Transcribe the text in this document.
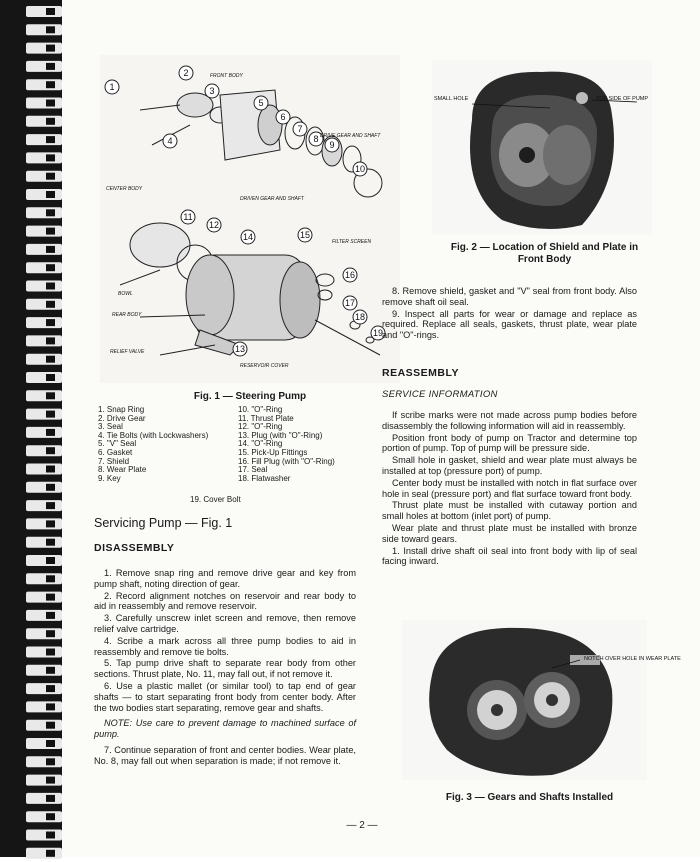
1
2
3
4
5
6
7
8
9
10
11
12
13
14	15
16
17
18
19
FRONT BODY
DRIVE GEAR AND SHAFT
CENTER BODY
DRIVEN GEAR AND SHAFT
FILTER SCREEN
BOWL
REAR BODY
RELIEF VALVE
RESERVOIR COVER
Fig. 1 — Steering Pump
1. Snap Ring
2. Drive Gear
3. Seal
4. Tie Bolts (with Lockwashers)
5. "V" Seal
6. Gasket
7. Shield
8. Wear Plate
9. Key
10. "O"-Ring
11. Thrust Plate
12. "O"-Ring
13. Plug (with "O"-Ring)
14. "O"-Ring
15. Pick-Up Fittings
16. Fill Plug (with "O"-Ring)
17. Seal
18. Flatwasher
19. Cover Bolt
Servicing Pump — Fig. 1
DISASSEMBLY

1. Remove snap ring and remove drive gear and key from pump shaft, noting direction of gear.

2. Record alignment notches on reservoir and rear body to aid in reassembly and remove reservoir.

3. Carefully unscrew inlet screen and remove, then remove relief valve cartridge.

4. Scribe a mark across all three pump bodies to aid in reassembly and remove tie bolts.

5. Tap pump drive shaft to separate rear body from other sections. Thrust plate, No. 11, may fall out, if not remove it.

6. Use a plastic mallet (or similar tool) to tap end of gear shafts — to start separating front body from center body. After the two bodies start separating, remove gear and shafts.

NOTE: Use care to prevent damage to machined surface of pump.

7. Continue separation of front and center bodies. Wear plate, No. 8, may fall out when separation is made; if not remove it.

SMALL HOLE	TOP SIDE OF PUMP
Fig. 2 — Location of Shield and Plate in
Front Body

8. Remove shield, gasket and "V" seal from front body. Also remove shaft oil seal.

9. Inspect all parts for wear or damage and replace as required. Replace all seals, gaskets, thrust plate, wear plate and "O"-rings.

REASSEMBLY
SERVICE INFORMATION

If scribe marks were not made across pump bodies before disassembly the following information will aid in reassembly.

Position front body of pump on Tractor and determine top portion of pump. Top of pump will be pressure side.

Small hole in gasket, shield and wear plate must always be installed at top (pressure port) of pump.

Center body must be installed with notch in flat surface over hole in seal (pressure port) and flat surface toward front body.

Thrust plate must be installed with cutaway portion and small holes at bottom (inlet port) of pump.

Wear plate and thrust plate must be installed with bronze side toward gears.

1. Install drive shaft oil seal into front body with lip of seal facing inward.

NOTCH OVER HOLE IN WEAR PLATE
Fig. 3 — Gears and Shafts Installed
— 2 —
